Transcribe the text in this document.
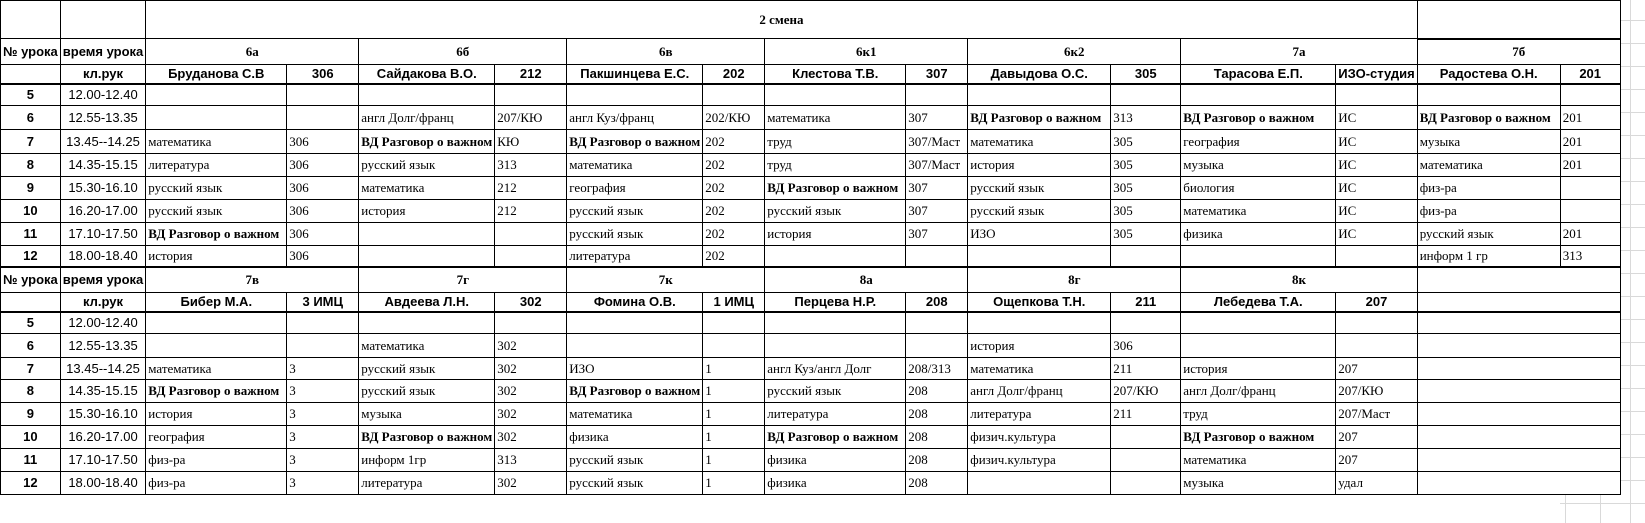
		2 смена													
№ урока	время урока	6а		6б		6в		6к1		6к2		7а		7б	
	кл.рук	Бруданова С.В	306	Сайдакова В.О.	212	Пакшинцева Е.С.	202	Клестова Т.В.	307	Давыдова О.С.	305	Тарасова Е.П.	ИЗО-студия	Радостева О.Н.	201
5	12.00-12.40														
6	12.55-13.35			англ Долг/франц	207/КЮ	англ Куз/франц	202/КЮ	математика	307	ВД Разговор о важном	313	ВД Разговор о важном	ИС	ВД Разговор о важном	201
7	13.45--14.25	математика	306	ВД Разговор о важном	КЮ	ВД Разговор о важном	202	труд	307/Маст	математика	305	география	ИС	музыка	201
8	14.35-15.15	литература	306	русский язык	313	математика	202	труд	307/Маст	история	305	музыка	ИС	математика	201
9	15.30-16.10	русский язык	306	математика	212	география	202	ВД Разговор о важном	307	русский язык	305	биология	ИС	физ-ра	
10	16.20-17.00	русский язык	306	история	212	русский язык	202	русский язык	307	русский язык	305	математика	ИС	физ-ра	
11	17.10-17.50	ВД Разговор о важном	306			русский язык	202	история	307	ИЗО	305	физика	ИС	русский язык	201
12	18.00-18.40	история	306			литература	202							информ 1 гр	313
№ урока	время урока	7в		7г		7к		8а		8г		8к			
	кл.рук	Бибер М.А.	3 ИМЦ	Авдеева Л.Н.	302	Фомина О.В.	1 ИМЦ	Перцева Н.Р.	208	Ощепкова Т.Н.	211	Лебедева Т.А.	207		
5	12.00-12.40														
6	12.55-13.35			математика	302					история	306				
7	13.45--14.25	математика	3	русский язык	302	ИЗО	1	англ Куз/англ Долг	208/313	математика	211	история	207		
8	14.35-15.15	ВД Разговор о важном	3	русский язык	302	ВД Разговор о важном	1	русский язык	208	англ Долг/франц	207/КЮ	англ Долг/франц	207/КЮ		
9	15.30-16.10	история	3	музыка	302	математика	1	литература	208	литература	211	труд	207/Маст		
10	16.20-17.00	география	3	ВД Разговор о важном	302	физика	1	ВД Разговор о важном	208	физич.культура		ВД Разговор о важном	207		
11	17.10-17.50	физ-ра	3	информ 1гр	313	русский язык	1	физика	208	физич.культура		математика	207		
12	18.00-18.40	физ-ра	3	литература	302	русский язык	1	физика	208			музыка	удал		
